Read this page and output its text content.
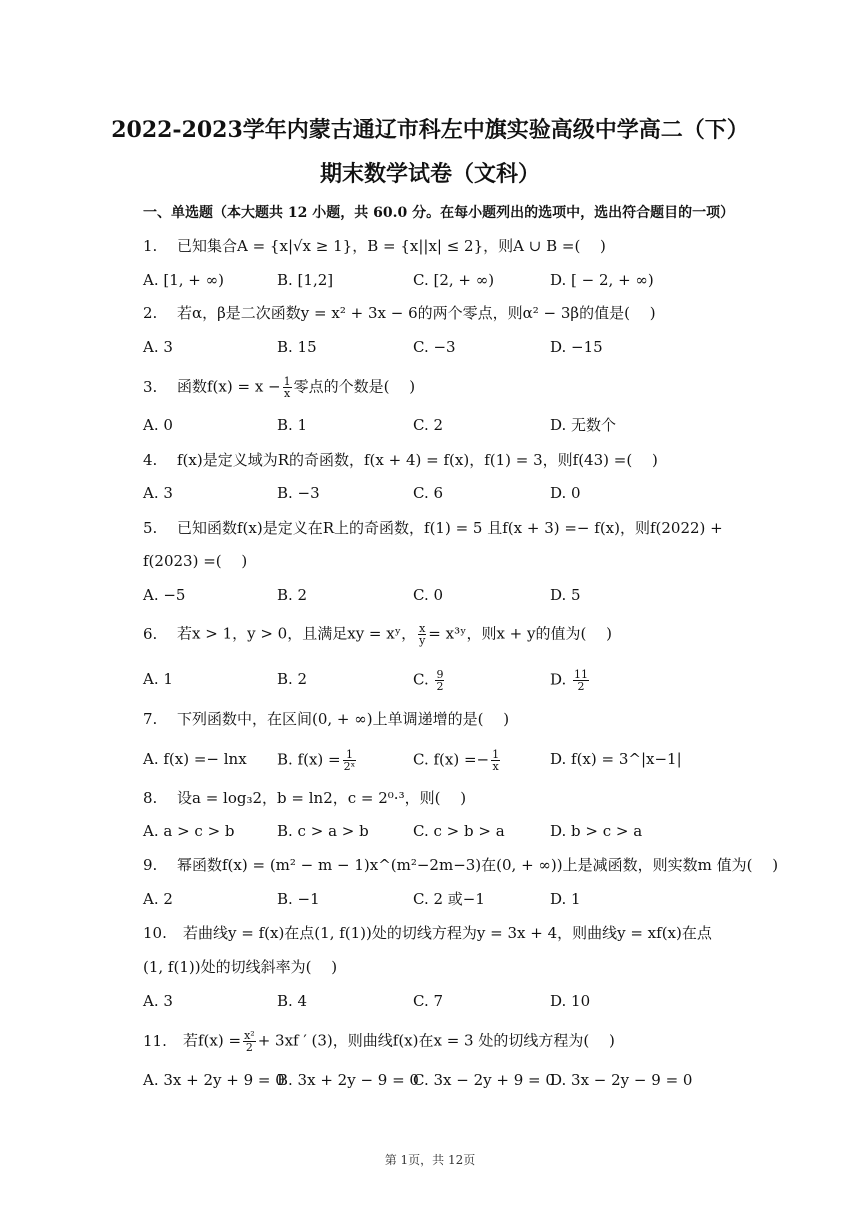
2022-2023学年内蒙古通辽市科左中旗实验高级中学高二（下）
期末数学试卷（文科）
一、单选题（本大题共 12 小题，共 60.0 分。在每小题列出的选项中，选出符合题目的一项）
1. 已知集合A = {x|√x ≥ 1}，B = {x||x| ≤ 2}，则A ∪ B =(　 )
A. [1, + ∞)	B. [1,2]	C. [2, + ∞)	D. [ − 2, + ∞)
2. 若α，β是二次函数y = x² + 3x − 6的两个零点，则α² − 3β的值是(　 )
A. 3	B. 15	C. −3	D. −15
3. 函数$f(x) = x - \frac{1}{x}$ 零点的个数是(　 )
A. 0	B. 1	C. 2	D. 无数个
4. f(x)是定义域为R的奇函数，f(x + 4) = f(x)，f(1) = 3，则f(43) =(　 )
A. 3	B. −3	C. 6	D. 0
5. 已知函数f(x)是定义在R上的奇函数，f(1) = 5 且f(x + 3) =− f(x)，则f(2022) +
f(2023) =(　 )
A. −5	B. 2	C. 0	D. 5
6. 若x > 1，y > 0，且满足xy = xʸ， $\frac{x}{y}$ = x³ʸ，则x + y的值为(　 )
A. 1	B. 2	C. $\frac{9}{2}$	D. $\frac{11}{2}$
7. 下列函数中，在区间(0, + ∞)上单调递增的是(　 )
A. f(x) =− lnx B. $f(x) = \frac{1}{\text{2ˣ}}$	C. $f(x) =- \frac{1}{x}$	D. f(x) = 3^|x−1|
8. 设a = log₃2，b = ln2，c = 2⁰·³，则(　 )
A. a > c > b	B. c > a > b	C. c > b > a	D. b > c > a
9. 幂函数f(x) = (m² − m − 1)x^(m²−2m−3)在(0, + ∞))上是减函数，则实数m 值为(　 )
A. 2	B. −1	C. 2 或−1	D. 1
10. 若曲线y = f(x)在点(1, f(1))处的切线方程为y = 3x + 4，则曲线y = xf(x)在点
(1, f(1))处的切线斜率为(　 )
A. 3	B. 4	C. 7	D. 10
11. 若$f(x) = \frac{\text{x²}}{2} + 3xf$ ′ (3)，则曲线f(x)在x = 3 处的切线方程为(　 )
A. 3x + 2y + 9 = 0
B. 3x + 2y − 9 = 0
C. 3x − 2y + 9 = 0
D. 3x − 2y − 9 = 0
第 1页，共 12页
